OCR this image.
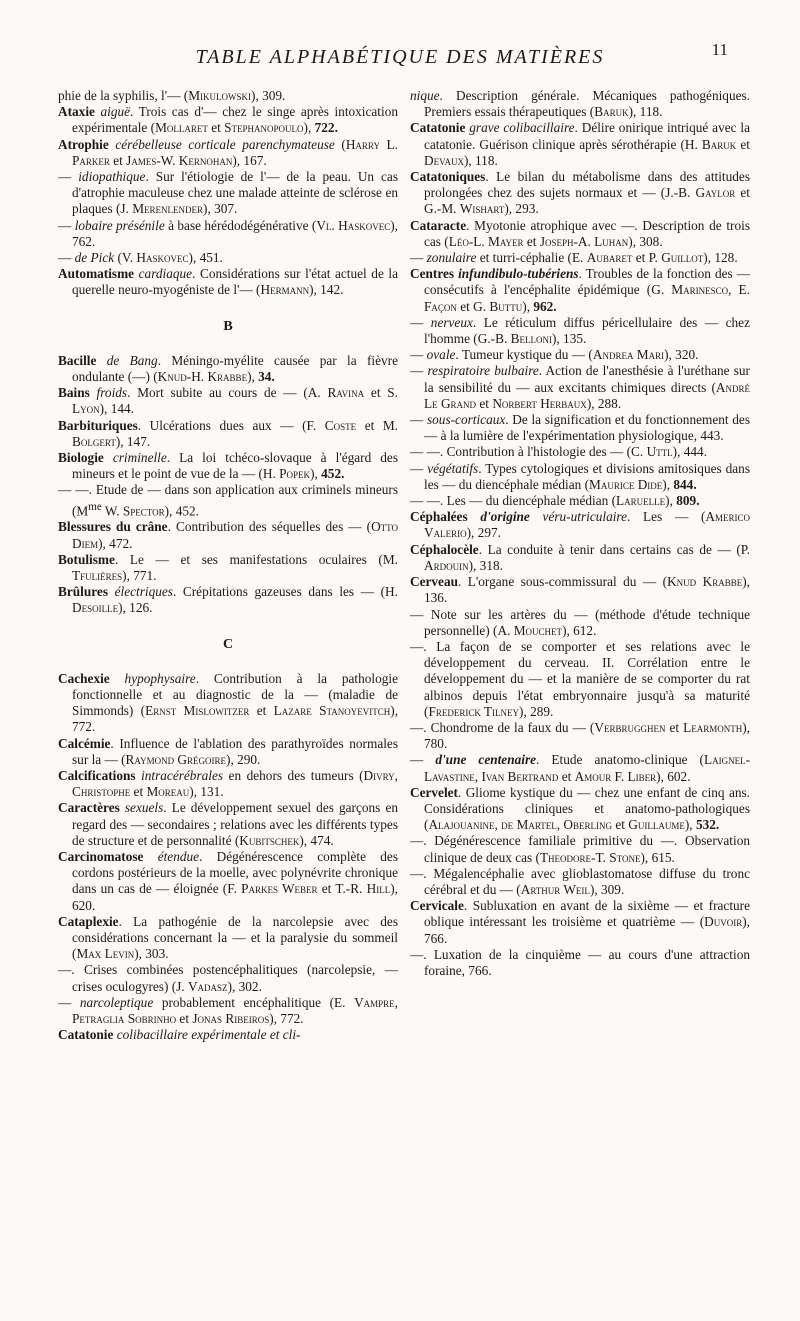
TABLE ALPHABÉTIQUE DES MATIÈRES	11
phie de la syphilis, l'— (Mikulowski), 309.
Ataxie aiguë. Trois cas d'— chez le singe après intoxication expérimentale (Mollaret et Stephanopoulo), 722.
Atrophie cérébelleuse corticale parenchymateuse (Harry L. Parker et James-W. Kernohan), 167.
— idiopathique. Sur l'étiologie de l'— de la peau. Un cas d'atrophie maculeuse chez une malade atteinte de sclérose en plaques (J. Merenlender), 307.
— lobaire présénile à base hérédodégénérative (Vl. Haskovec), 762.
— de Pick (V. Haskovec), 451.
Automatisme cardiaque. Considérations sur l'état actuel de la querelle neuro-myogéniste de l'— (Hermann), 142.
B
Bacille de Bang. Méningo-myélite causée par la fièvre ondulante (—) (Knud-H. Krabbe), 34.
Bains froids. Mort subite au cours de — (A. Ravina et S. Lyon), 144.
Barbituriques. Ulcérations dues aux — (F. Coste et M. Bolgert), 147.
Biologie criminelle. La loi tchéco-slovaque à l'égard des mineurs et le point de vue de la — (H. Popek), 452.
— —. Etude de — dans son application aux criminels mineurs ($M^{me}$ W. Spector), 452.
Blessures du crâne. Contribution des séquelles des — (Otto Diem), 472.
Botulisme. Le — et ses manifestations oculaires (M. Tfulières), 771.
Brûlures électriques. Crépitations gazeuses dans les — (H. Desoille), 126.
C
Cachexie hypophysaire. Contribution à la pathologie fonctionnelle et au diagnostic de la — (maladie de Simmonds) (Ernst Mislowitzer et Lazare Stanoyevitch), 772.
Calcémie. Influence de l'ablation des parathyroïdes normales sur la — (Raymond Grégoire), 290.
Calcifications intracérébrales en dehors des tumeurs (Divry, Christophe et Moreau), 131.
Caractères sexuels. Le développement sexuel des garçons en regard des — secondaires ; relations avec les différents types de structure et de personnalité (Kubitschek), 474.
Carcinomatose étendue. Dégénérescence complète des cordons postérieurs de la moelle, avec polynévrite chronique dans un cas de — éloignée (F. Parkes Weber et T.-R. Hill), 620.
Cataplexie. La pathogénie de la narcolepsie avec des considérations concernant la — et la paralysie du sommeil (Max Levin), 303.
—. Crises combinées postencéphalitiques (narcolepsie, — crises oculogyres) (J. Vadasz), 302.
— narcoleptique probablement encéphalitique (E. Vampre, Petraglia Sobrinho et Jonas Ribeiros), 772.
Catatonie colibacillaire expérimentale et cli-
nique. Description générale. Mécaniques pathogéniques. Premiers essais thérapeutiques (Baruk), 118.
Catatonie grave colibacillaire. Délire onirique intriqué avec la catatonie. Guérison clinique après sérothérapie (H. Baruk et Devaux), 118.
Catatoniques. Le bilan du métabolisme dans des attitudes prolongées chez des sujets normaux et — (J.-B. Gaylor et G.-M. Wishart), 293.
Cataracte. Myotonie atrophique avec —. Description de trois cas (Léo-L. Mayer et Joseph-A. Luhan), 308.
— zonulaire et turri-céphalie (E. Aubaret et P. Guillot), 128.
Centres infundibulo-tubériens. Troubles de la fonction des — consécutifs à l'encéphalite épidémique (G. Marinesco, E. Façon et G. Buttu), 962.
— nerveux. Le réticulum diffus péricellulaire des — chez l'homme (G.-B. Belloni), 135.
— ovale. Tumeur kystique du — (Andrea Mari), 320.
— respiratoire bulbaire. Action de l'anesthésie à l'uréthane sur la sensibilité du — aux excitants chimiques directs (André Le Grand et Norbert Herbaux), 288.
— sous-corticaux. De la signification et du fonctionnement des — à la lumière de l'expérimentation physiologique, 443.
— —. Contribution à l'histologie des — (C. Uttl), 444.
— végétatifs. Types cytologiques et divisions amitosiques dans les — du diencéphale médian (Maurice Dide), 844.
— —. Les — du diencéphale médian (Laruelle), 809.
Céphalées d'origine véru-utriculaire. Les — (Americo Valerio), 297.
Céphalocèle. La conduite à tenir dans certains cas de — (P. Ardouin), 318.
Cerveau. L'organe sous-commissural du — (Knud Krabbe), 136.
— Note sur les artères du — (méthode d'étude technique personnelle) (A. Mouchet), 612.
—. La façon de se comporter et ses relations avec le développement du cerveau. II. Corrélation entre le développement du — et la manière de se comporter du rat albinos depuis l'état embryonnaire jusqu'à sa maturité (Frederick Tilney), 289.
—. Chondrome de la faux du — (Verbrugghen et Learmonth), 780.
— d'une centenaire. Etude anatomo-clinique (Laignel-Lavastine, Ivan Bertrand et Amour F. Liber), 602.
Cervelet. Gliome kystique du — chez une enfant de cinq ans. Considérations cliniques et anatomo-pathologiques (Alajouanine, de Martel, Oberling et Guillaume), 532.
—. Dégénérescence familiale primitive du —. Observation clinique de deux cas (Theodore-T. Stone), 615.
—. Mégalencéphalie avec glioblastomatose diffuse du tronc cérébral et du — (Arthur Weil), 309.
Cervicale. Subluxation en avant de la sixième — et fracture oblique intéressant les troisième et quatrième — (Duvoir), 766.
—. Luxation de la cinquième — au cours d'une attraction foraine, 766.
